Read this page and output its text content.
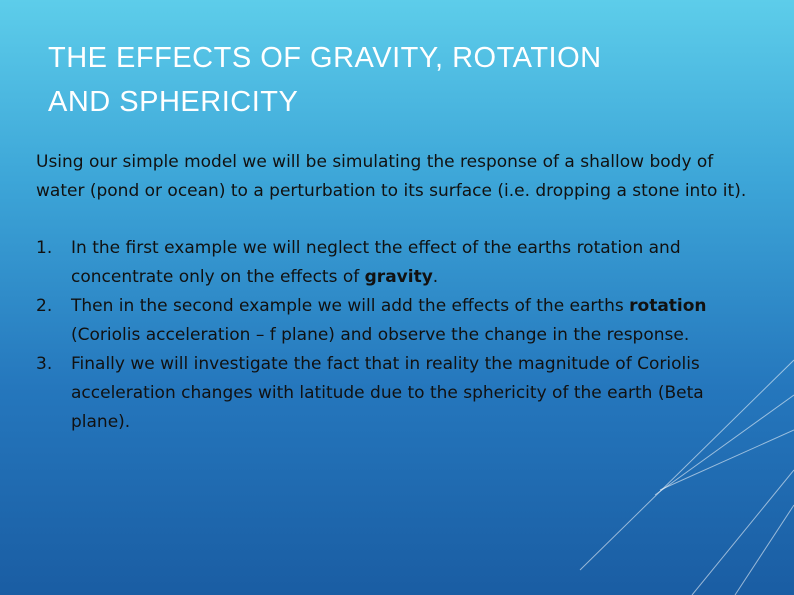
THE EFFECTS OF GRAVITY, ROTATION
AND SPHERICITY

Using our simple model we will be simulating the response of a shallow body of water (pond or ocean) to a perturbation to its surface (i.e. dropping a stone into it).

1. In the first example we will neglect the effect of the earths rotation and concentrate only on the effects of gravity.
2. Then in the second example we will add the effects of the earths rotation (Coriolis acceleration – f plane) and observe the change in the response.
3. Finally we will investigate the fact that in reality the magnitude of Coriolis acceleration changes with latitude due to the sphericity of the earth (Beta plane).
